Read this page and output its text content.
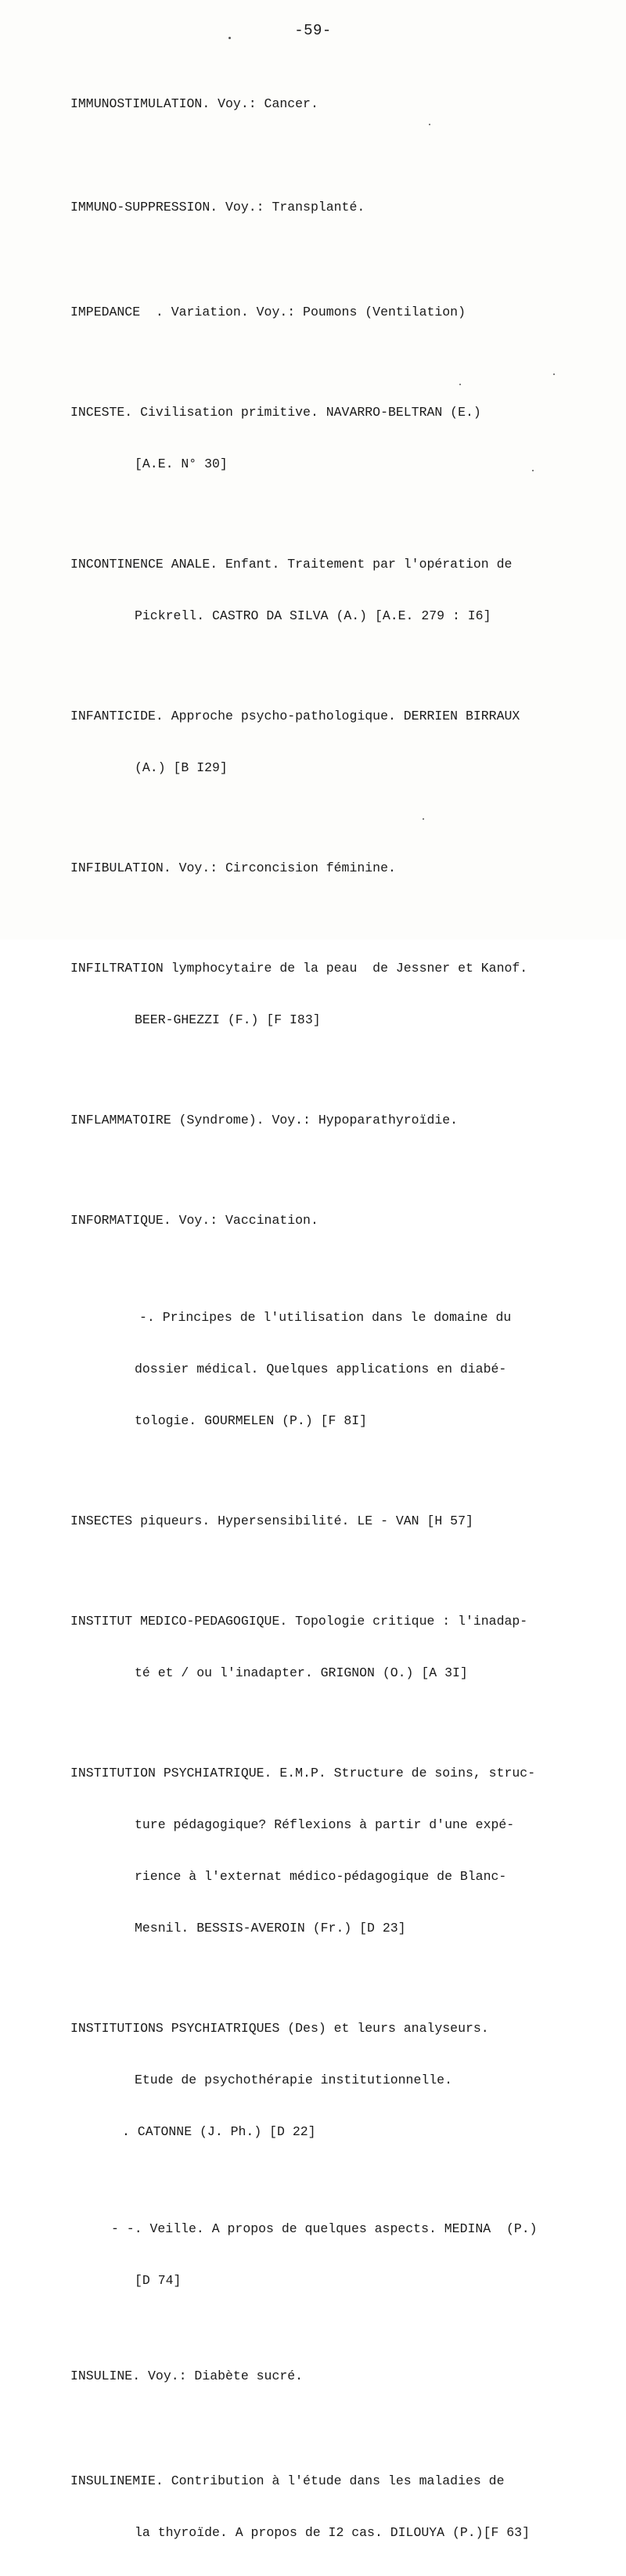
-59-

IMMUNOSTIMULATION. Voy.: Cancer.

IMMUNO-SUPPRESSION. Voy.: Transplanté.

IMPEDANCE  . Variation. Voy.: Poumons (Ventilation)

INCESTE. Civilisation primitive. NAVARRO-BELTRAN (E.)

[A.E. N° 30]

INCONTINENCE ANALE. Enfant. Traitement par l'opération de

Pickrell. CASTRO DA SILVA (A.) [A.E. 279 : I6]

INFANTICIDE. Approche psycho-pathologique. DERRIEN BIRRAUX

(A.) [B I29]

INFIBULATION. Voy.: Circoncision féminine.

INFILTRATION lymphocytaire de la peau  de Jessner et Kanof.

BEER-GHEZZI (F.) [F I83]

INFLAMMATOIRE (Syndrome). Voy.: Hypoparathyroïdie.

INFORMATIQUE. Voy.: Vaccination.

-. Principes de l'utilisation dans le domaine du

dossier médical. Quelques applications en diabé-

tologie. GOURMELEN (P.) [F 8I]

INSECTES piqueurs. Hypersensibilité. LE - VAN [H 57]

INSTITUT MEDICO-PEDAGOGIQUE. Topologie critique : l'inadap-

té et / ou l'inadapter. GRIGNON (O.) [A 3I]

INSTITUTION PSYCHIATRIQUE. E.M.P. Structure de soins, struc-

ture pédagogique? Réflexions à partir d'une expé-

rience à l'externat médico-pédagogique de Blanc-

Mesnil. BESSIS-AVEROIN (Fr.) [D 23]

INSTITUTIONS PSYCHIATRIQUES (Des) et leurs analyseurs.

Etude de psychothérapie institutionnelle.

. CATONNE (J. Ph.) [D 22]

- -. Veille. A propos de quelques aspects. MEDINA  (P.)

[D 74]

INSULINE. Voy.: Diabète sucré.

INSULINEMIE. Contribution à l'étude dans les maladies de

la thyroïde. A propos de I2 cas. DILOUYA (P.)[F 63]
